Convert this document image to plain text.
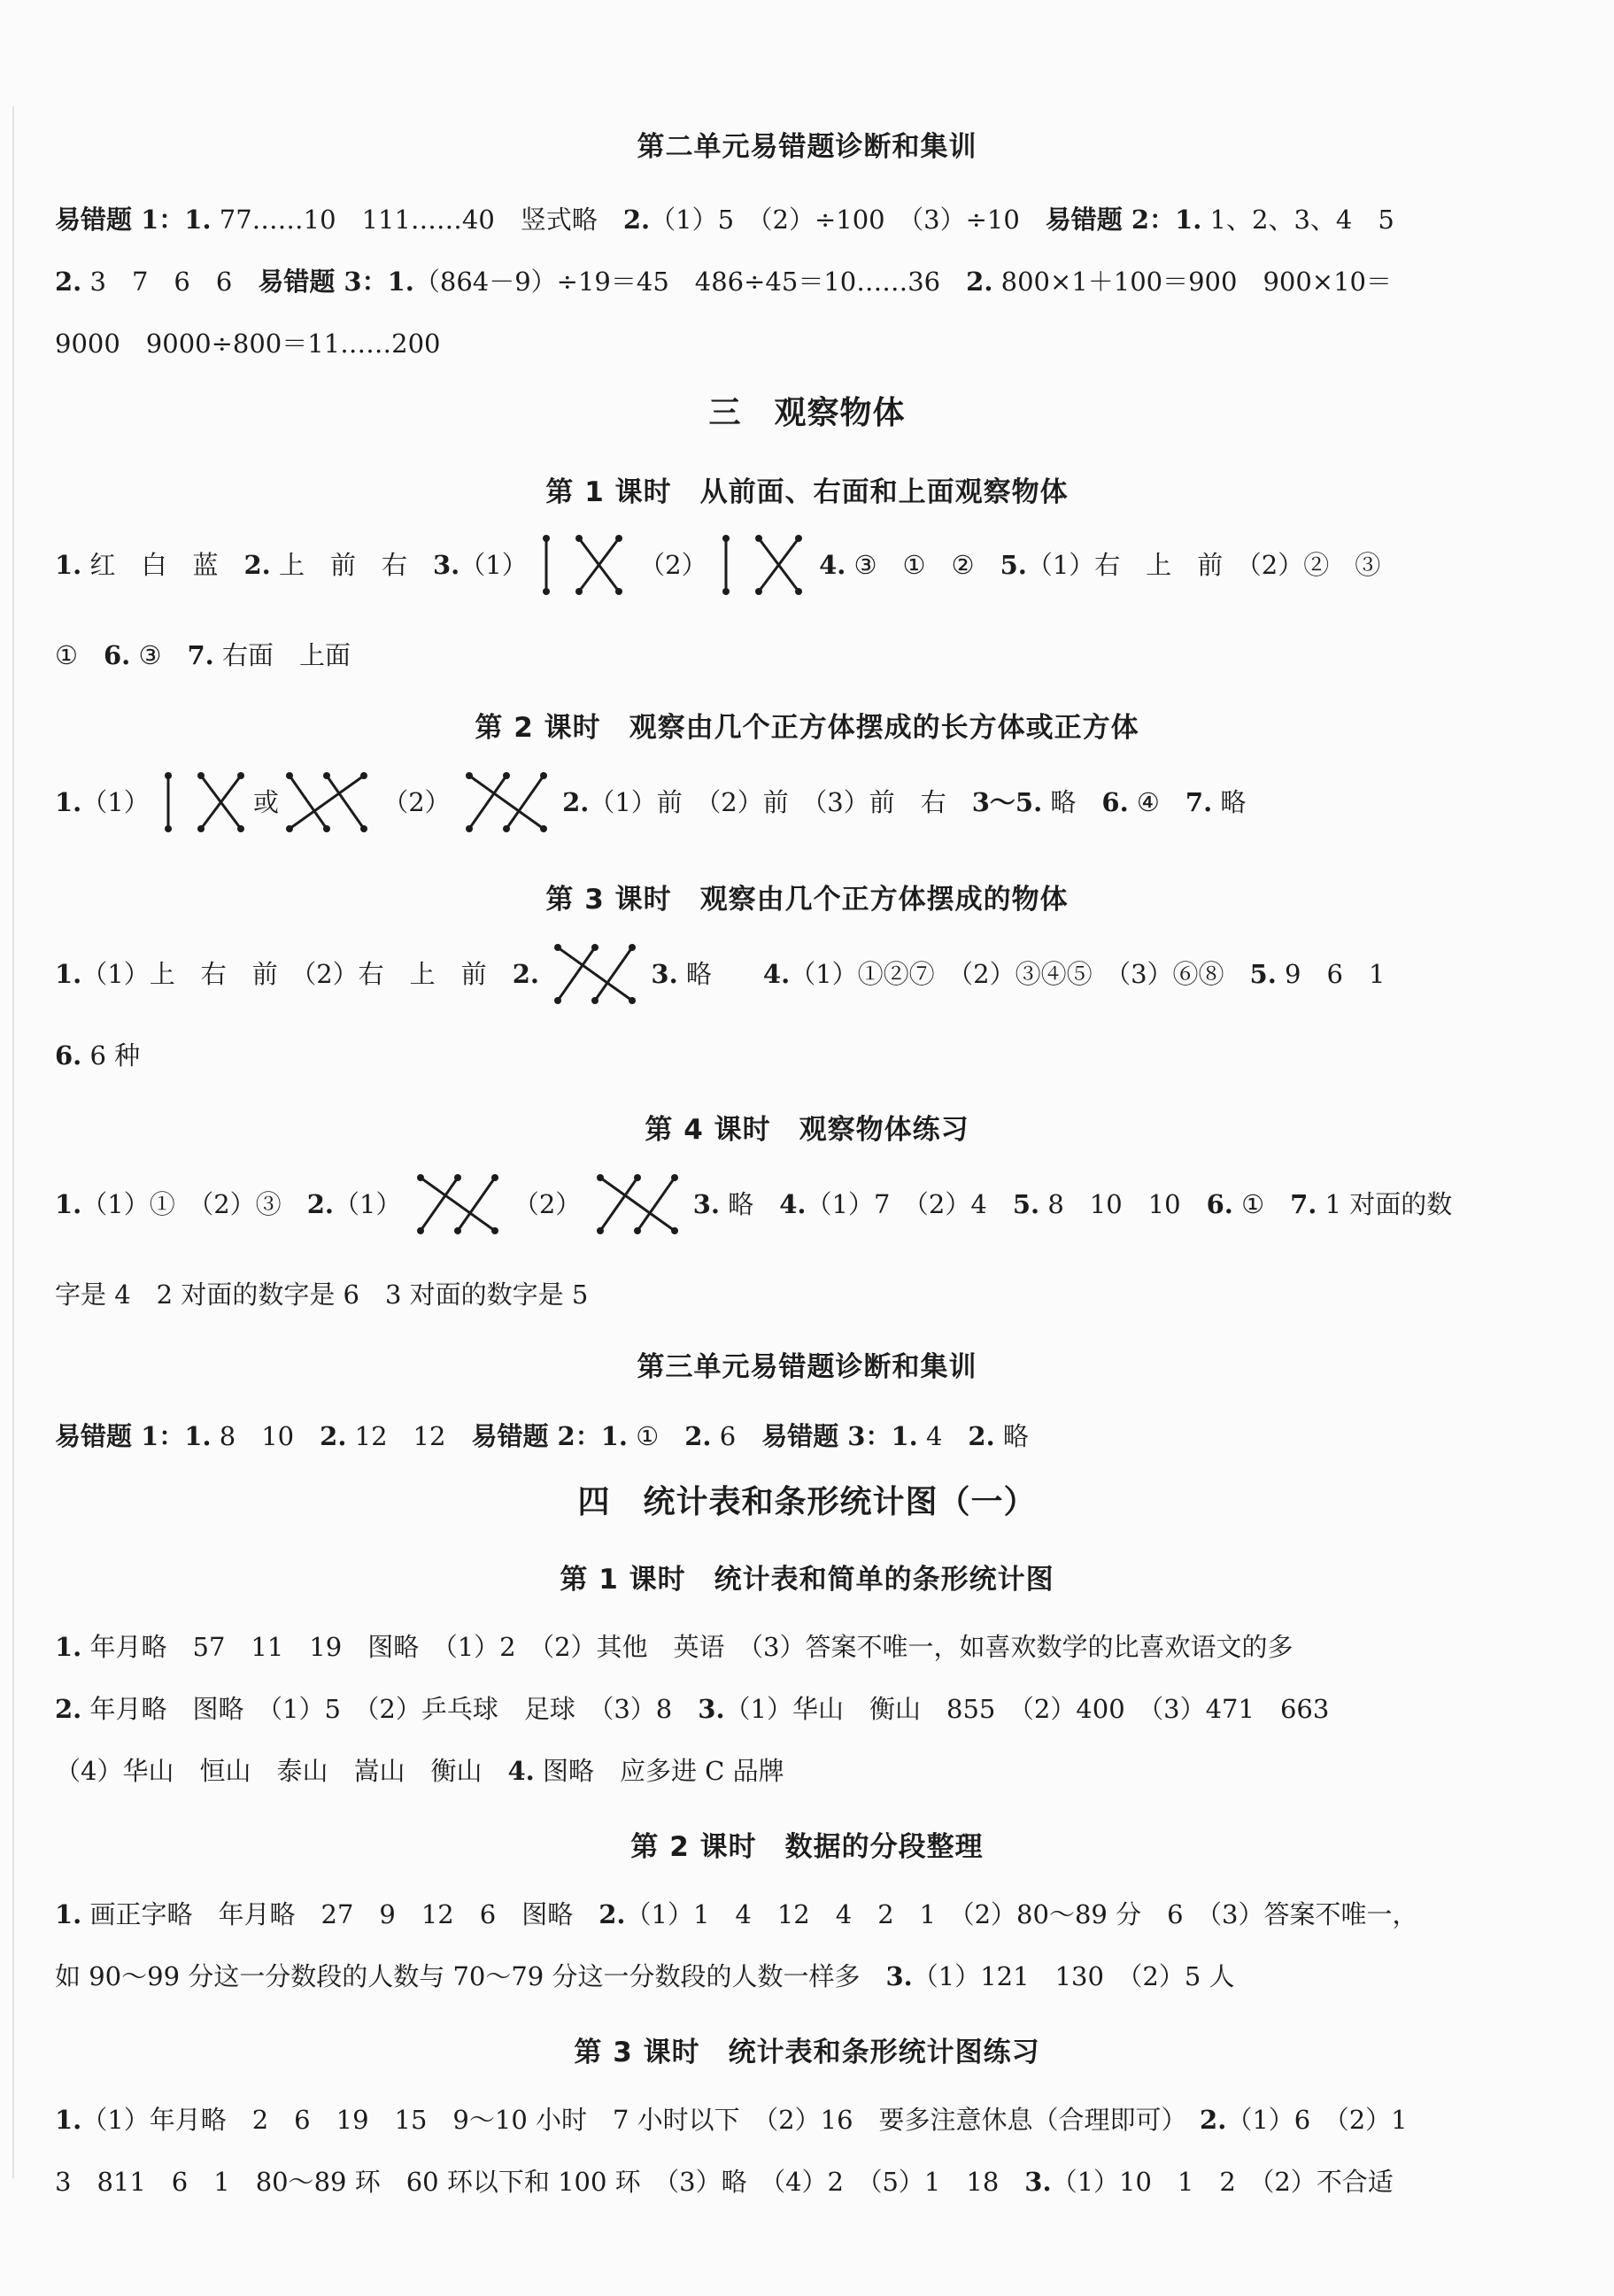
第二单元易错题诊断和集训
易错题 1：1. 77……10　111……40　竖式略　2.（1）5　（2）÷100　（3）÷10　易错题 2：1. 1、2、3、4　5
2. 3　7　6　6　易错题 3：1.（864－9）÷19＝45　486÷45＝10……36　2. 800×1＋100＝900　900×10＝
9000　9000÷800＝11……200
三　观察物体
第 1 课时　从前面、右面和上面观察物体
1. 红　白　蓝　2. 上　前　右　3.（1）	（2）	4. ③　①　②　5.（1）右　上　前　（2）②　③
①　6. ③　7. 右面　上面
第 2 课时　观察由几个正方体摆成的长方体或正方体
1.（1）	或	（2）	2.（1）前　（2）前　（3）前　右　3～5. 略　6. ④　7. 略
第 3 课时　观察由几个正方体摆成的物体
1.（1）上　右　前　（2）右　上　前　2.	3. 略　　4.（1）①②⑦　（2）③④⑤　（3）⑥⑧　5. 9　6　1
6. 6 种
第 4 课时　观察物体练习
1.（1）①　（2）③　2.（1）	（2）	3. 略　4.（1）7　（2）4　5. 8　10　10　6. ①　7. 1 对面的数
字是 4　2 对面的数字是 6　3 对面的数字是 5
第三单元易错题诊断和集训
易错题 1：1. 8　10　2. 12　12　易错题 2：1. ①　2. 6　易错题 3：1. 4　2. 略
四　统计表和条形统计图（一）
第 1 课时　统计表和简单的条形统计图
1. 年月略　57　11　19　图略　（1）2　（2）其他　英语　（3）答案不唯一，如喜欢数学的比喜欢语文的多
2. 年月略　图略　（1）5　（2）乒乓球　足球　（3）8　3.（1）华山　衡山　855　（2）400　（3）471　663
（4）华山　恒山　泰山　嵩山　衡山　4. 图略　应多进 C 品牌
第 2 课时　数据的分段整理
1. 画正字略　年月略　27　9　12　6　图略　2.（1）1　4　12　4　2　1　（2）80～89 分　6　（3）答案不唯一，
如 90～99 分这一分数段的人数与 70～79 分这一分数段的人数一样多　3.（1）121　130　（2）5 人
第 3 课时　统计表和条形统计图练习
1.（1）年月略　2　6　19　15　9～10 小时　7 小时以下　（2）16　要多注意休息（合理即可）　2.（1）6　（2）1
3　811　6　1　80～89 环　60 环以下和 100 环　（3）略　（4）2　（5）1　18　3.（1）10　1　2　（2）不合适
